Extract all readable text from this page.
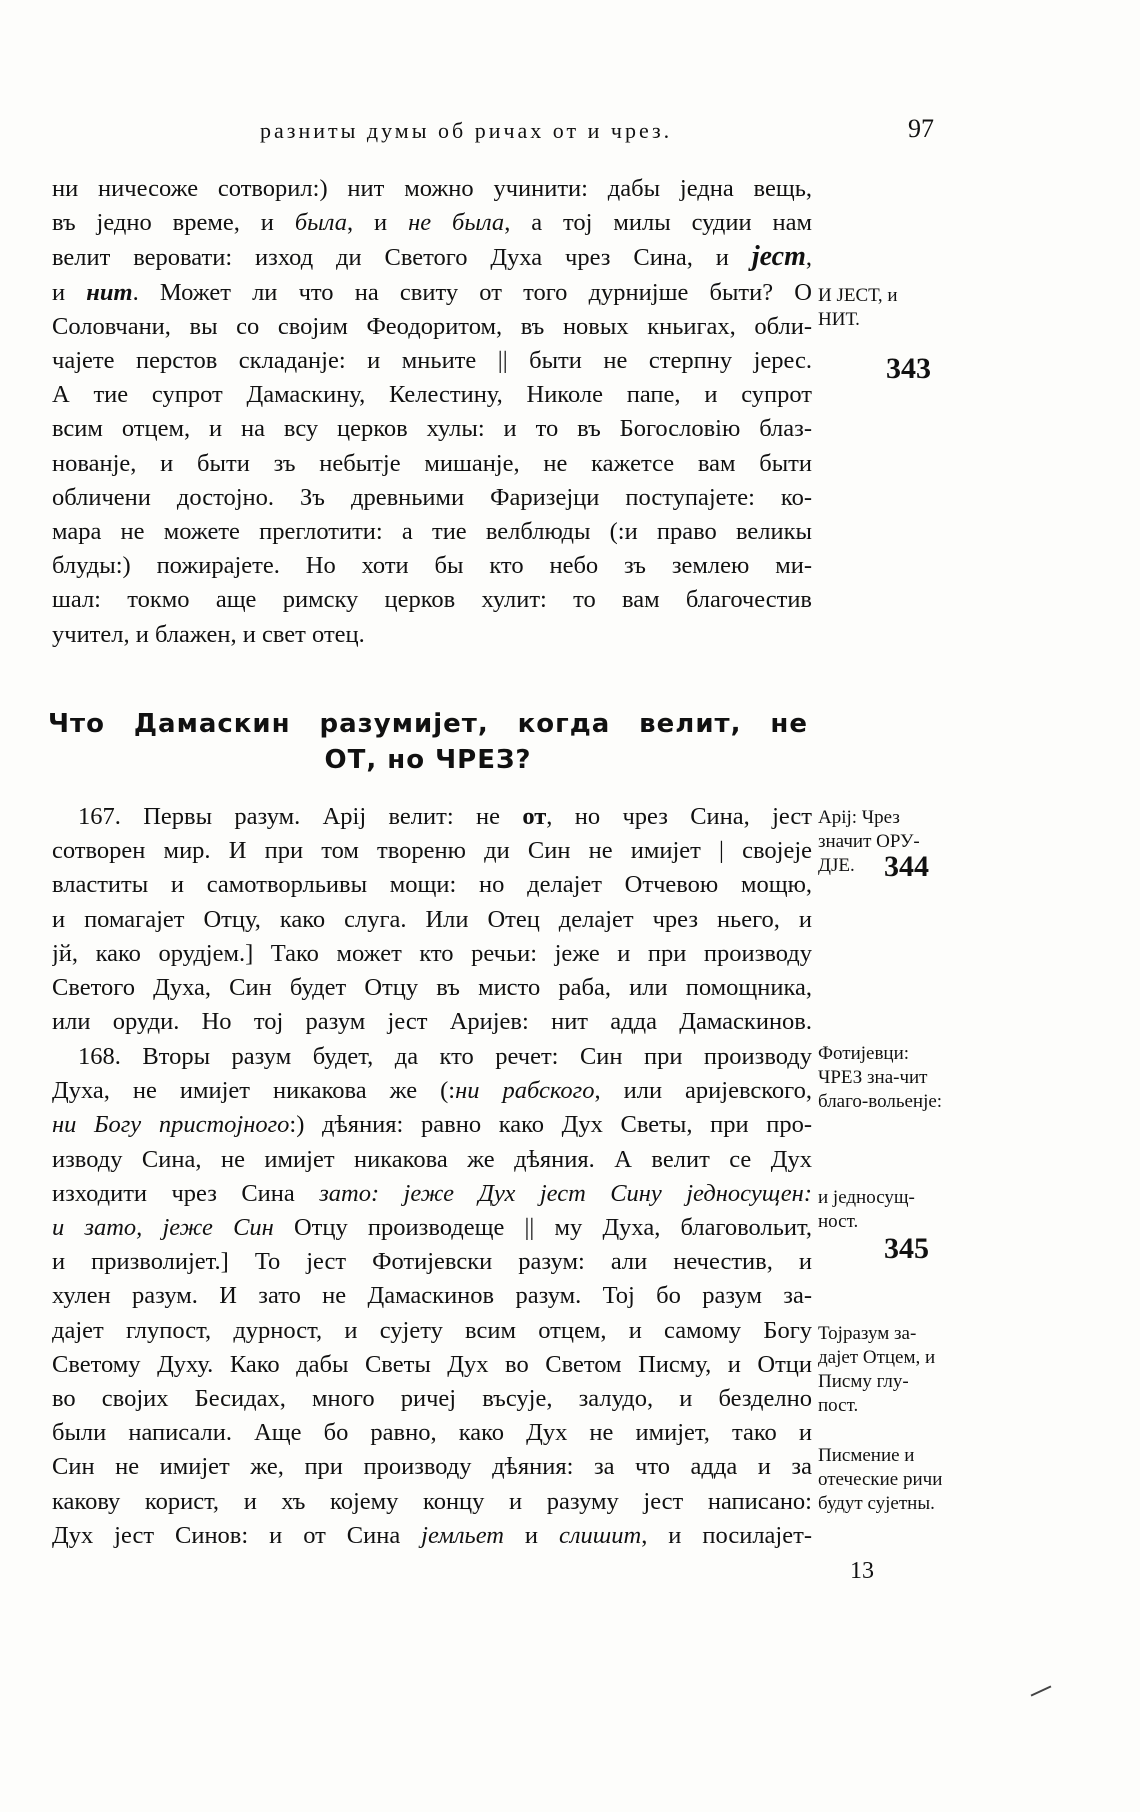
разниты думы об ричах от и чрез.	97
ни ничесоже сотворил:) нит можно учинити: дабы једна вещь,
въ једно време, и была, и не была, а тој милы судии нам
велит веровати: изход ди Светого Духа чрез Сина, и јест,
и нит. Может ли что на свиту от того дурнијше быти? О
Соловчани, вы со својим Феодоритом, въ новых кньигах, обли-
чајете перстов складанје: и мньите || быти не стерпну јерес.
А тие супрот Дамаскину, Келестину, Николе папе, и супрот
всим отцем, и на всу церков хулы: и то въ Богословію блаз-
нованје, и быти зъ небытје мишанје, не кажетсе вам быти
обличени достојно. Зъ древньими Фаризејци поступајете: ко-
мара не можете преглотити: а тие велблюды (:и право великы
блуды:) пожирајете. Но хоти бы кто небо зъ землею ми-
шал: токмо аще римску церков хулит: то вам благочестив
учител, и блажен, и свет отец.
Что Дамаскин разумијет, когда велит, не
ОТ, но ЧРЕЗ?
167. Первы разум. Арij велит: не от, но чрез Сина, јест
сотворен мир. И при том твореню ди Син не имијет | својеје
властиты и самотворльивы мощи: но делајет Отчевою мощю,
и помагајет Отцу, како слуга. Или Отец делајет чрез ньего, и
јй, како орудјем.] Тако может кто речьи: јеже и при производу
Светого Духа, Син будет Отцу въ мисто раба, или помощника,
или оруди. Но тој разум јест Аријев: нит адда Дамаскинов.
168. Вторы разум будет, да кто речет: Син при производу
Духа, не имијет никакова же (:ни рабского, или аријевского,
ни Богу пристојного:) дѣяния: равно како Дух Светы, при про-
изводу Сина, не имијет никакова же дѣяния. А велит се Дух
изходити чрез Сина зато: јеже Дух јест Сину једносущен:
и зато, јеже Син Отцу производеще || му Духа, благовольит,
и призволијет.] То јест Фотијевски разум: али нечестив, и
хулен разум. И зато не Дамаскинов разум. Тој бо разум за-
дајет глупост, дурност, и сујету всим отцем, и самому Богу
Светому Духу. Како дабы Светы Дух во Светом Писму, и Отци
во својих Бесидах, много ричеј въсује, залудо, и безделно
были написали. Аще бо равно, како Дух не имијет, тако и
Син не имијет же, при производу дѣяния: за что адда и за
какову корист, и хъ којему концу и разуму јест написано:
Дух јест Синов: и от Сина јемльет и слишит, и посилајет-
И ЈЕСТ, и НИТ.
343
Арij: Чрез значит ОРУ-ДЈЕ. 344
Фотијевци: ЧРЕЗ зна-чит благо-вольенје:
и једносущ-ност.
345
Тојразум за-дајет Отцем, и Писму глу-пост.
Писмение и отеческие ричи будут сујетны.
13
